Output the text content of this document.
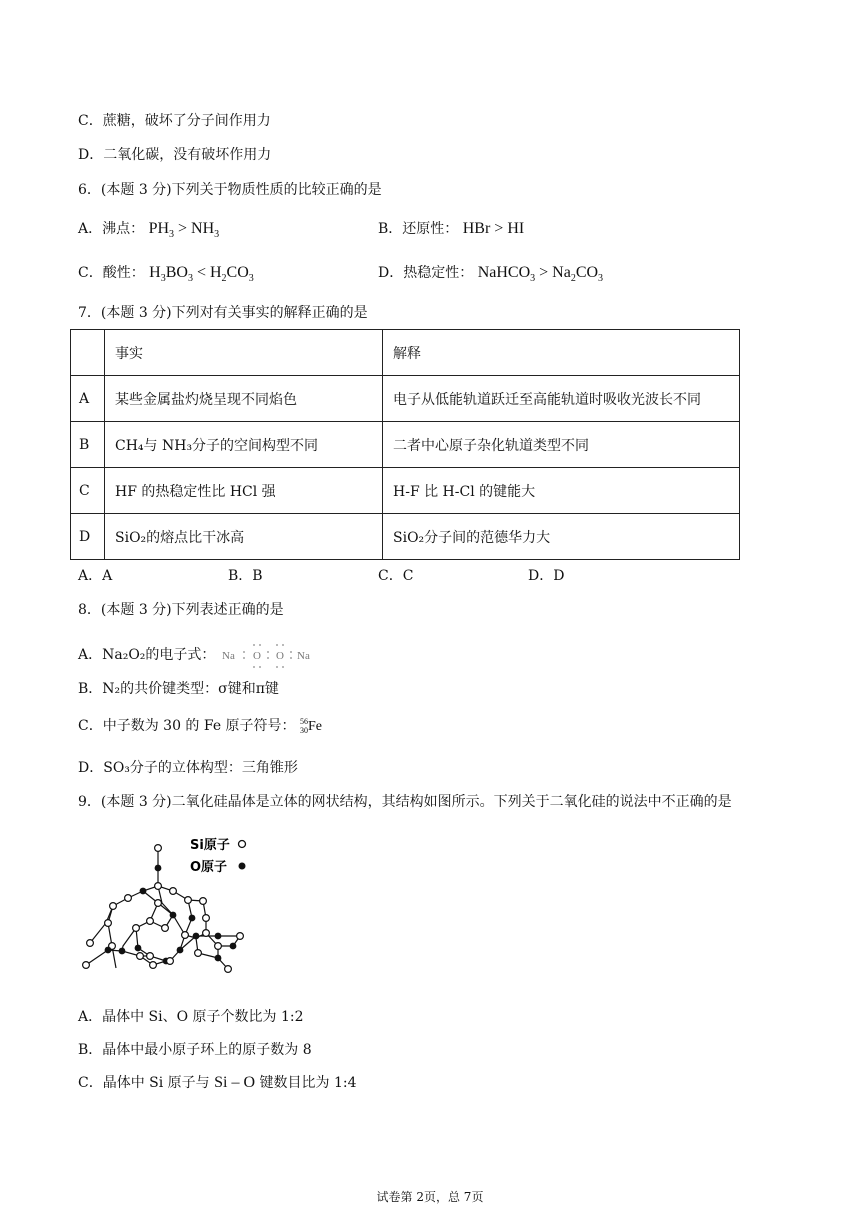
C．蔗糖，破坏了分子间作用力
D．二氧化碳，没有破坏作用力
6．(本题 3 分)下列关于物质性质的比较正确的是
A．沸点： $PH_3 > NH_3$	B．还原性： HBr > HI
C．酸性： $H_3BO_3 < H_2CO_3$	D．热稳定性： NaHCO$_3$ > $Na_2CO_3$
7．(本题 3 分)下列对有关事实的解释正确的是
	事实	解释
A	某些金属盐灼烧呈现不同焰色	电子从低能轨道跃迁至高能轨道时吸收光波长不同
B	CH₄与 NH₃分子的空间构型不同	二者中心原子杂化轨道类型不同
C	HF 的热稳定性比 HCl 强	H-F 比 H-Cl 的键能大
D	SiO₂的熔点比干冰高	SiO₂分子间的范德华力大
A．A	B．B	C．C	D．D
8．(本题 3 分)下列表述正确的是
A．Na₂O₂的电子式： Na O O Na
B．N₂的共价键类型：σ键和π键
C．中子数为 30 的 Fe 原子符号： 56
30 Fe
D．SO₃分子的立体构型：三角锥形
9．(本题 3 分)二氧化硅晶体是立体的网状结构，其结构如图所示。下列关于二氧化硅的说法中不正确的是
Si原子
O原子
A．晶体中 Si、O 原子个数比为 1:2
B．晶体中最小原子环上的原子数为 8
C．晶体中 Si 原子与 Si – O 键数目比为 1:4
试卷第 2页，总 7页
